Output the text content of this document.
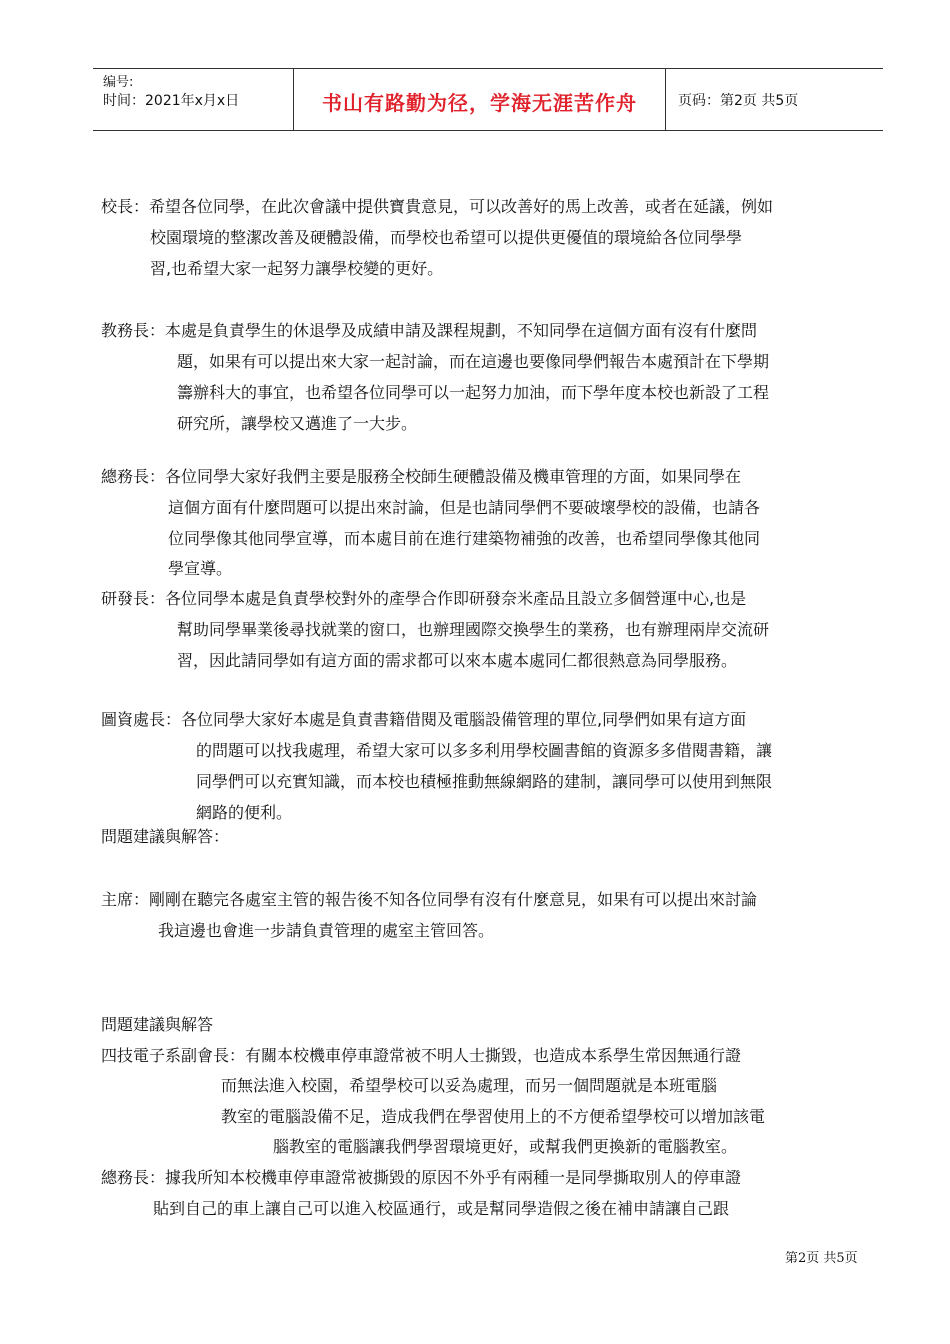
编号:
时间：2021年x月x日	书山有路勤为径，学海无涯苦作舟	页码：第2页 共5页
校長：希望各位同學，在此次會議中提供寶貴意見，可以改善好的馬上改善，或者在延議，例如
校園環境的整潔改善及硬體設備，而學校也希望可以提供更優值的環境給各位同學學
習,也希望大家一起努力讓學校變的更好。
教務長：本處是負責學生的休退學及成績申請及課程規劃，不知同學在這個方面有沒有什麼問
題，如果有可以提出來大家一起討論，而在這邊也要像同學們報告本處預計在下學期
籌辦科大的事宜，也希望各位同學可以一起努力加油，而下學年度本校也新設了工程
研究所，讓學校又邁進了一大步。
總務長：各位同學大家好我們主要是服務全校師生硬體設備及機車管理的方面，如果同學在
這個方面有什麼問題可以提出來討論，但是也請同學們不要破壞學校的設備，也請各
位同學像其他同學宣導，而本處目前在進行建築物補強的改善，也希望同學像其他同
學宣導。
研發長：各位同學本處是負責學校對外的產學合作即研發奈米產品且設立多個營運中心,也是
幫助同學畢業後尋找就業的窗口，也辦理國際交換學生的業務，也有辦理兩岸交流研
習，因此請同學如有這方面的需求都可以來本處本處同仁都很熱意為同學服務。
圖資處長：各位同學大家好本處是負責書籍借閱及電腦設備管理的單位,同學們如果有這方面
的問題可以找我處理，希望大家可以多多利用學校圖書館的資源多多借閱書籍，讓
同學們可以充實知識，而本校也積極推動無線網路的建制，讓同學可以使用到無限
網路的便利。
問題建議與解答：
主席：剛剛在聽完各處室主管的報告後不知各位同學有沒有什麼意見，如果有可以提出來討論
我這邊也會進一步請負責管理的處室主管回答。
問題建議與解答
四技電子系副會長：有關本校機車停車證常被不明人士撕毀，也造成本系學生常因無通行證
而無法進入校園，希望學校可以妥為處理，而另一個問題就是本班電腦
教室的電腦設備不足，造成我們在學習使用上的不方便希望學校可以增加該電
腦教室的電腦讓我們學習環境更好，或幫我們更換新的電腦教室。
總務長：據我所知本校機車停車證常被撕毀的原因不外乎有兩種一是同學撕取別人的停車證
貼到自己的車上讓自己可以進入校區通行，或是幫同學造假之後在補申請讓自己跟
第2页 共5页
